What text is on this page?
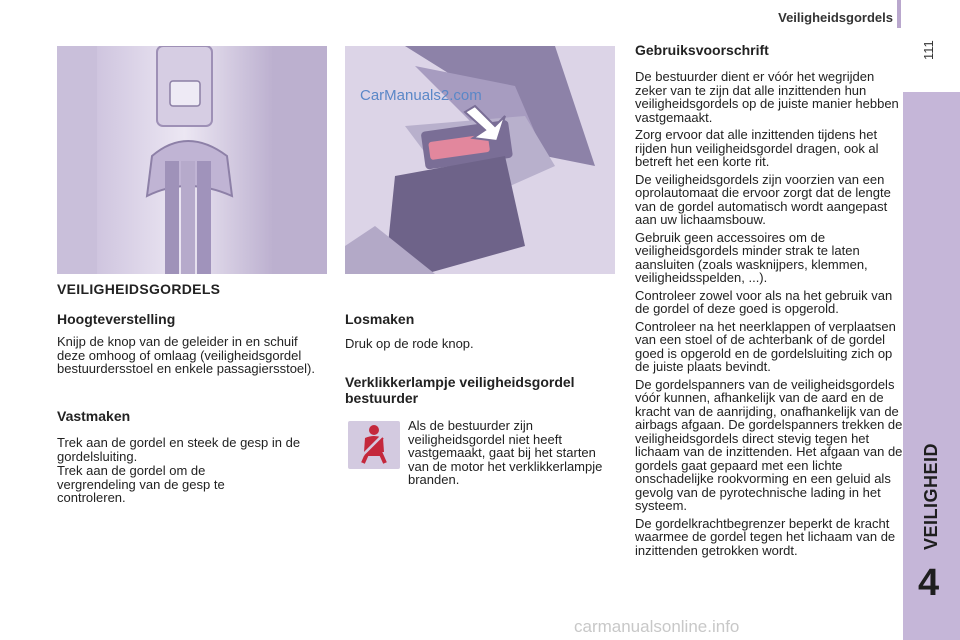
Veiligheidsgordels
111
VEILIGHEID
4
CarManuals2.com
VEILIGHEIDSGORDELS
Hoogteverstelling

Knijp de knop van de geleider in en schuif deze omhoog of omlaag (veiligheidsgordel bestuurdersstoel en enkele passagiersstoel).

Vastmaken

Trek aan de gordel en steek de gesp in de gordelsluiting.

Trek aan de gordel om de vergrendeling van de gesp te controleren.

Losmaken

Druk op de rode knop.

Verklikkerlampje veiligheidsgordel bestuurder

Als de bestuurder zijn veiligheidsgordel niet heeft vastgemaakt, gaat bij het starten van de motor het verklikkerlampje branden.

Gebruiksvoorschrift

De bestuurder dient er vóór het wegrijden zeker van te zijn dat alle inzittenden hun veiligheidsgordels op de juiste manier hebben vastgemaakt.

Zorg ervoor dat alle inzittenden tijdens het rijden hun veiligheidsgordel dragen, ook al betreft het een korte rit.

De veiligheidsgordels zijn voorzien van een oprolautomaat die ervoor zorgt dat de lengte van de gordel automatisch wordt aangepast aan uw lichaamsbouw.

Gebruik geen accessoires om de veiligheidsgordels minder strak te laten aansluiten (zoals wasknijpers, klemmen, veiligheidsspelden, ...).

Controleer zowel voor als na het gebruik van de gordel of deze goed is opgerold.

Controleer na het neerklappen of verplaatsen van een stoel of de achterbank of de gordel goed is opgerold en de gordelsluiting zich op de juiste plaats bevindt.

De gordelspanners van de veiligheidsgordels vóór kunnen, afhankelijk van de aard en de kracht van de aanrijding, onafhankelijk van de airbags afgaan. De gordelspanners trekken de veiligheidsgordels direct stevig tegen het lichaam van de inzittenden. Het afgaan van de gordels gaat gepaard met een lichte onschadelijke rookvorming en een geluid als gevolg van de pyrotechnische lading in het systeem.

De gordelkrachtbegrenzer beperkt de kracht waarmee de gordel tegen het lichaam van de inzittenden getrokken wordt.

carmanualsonline.info
